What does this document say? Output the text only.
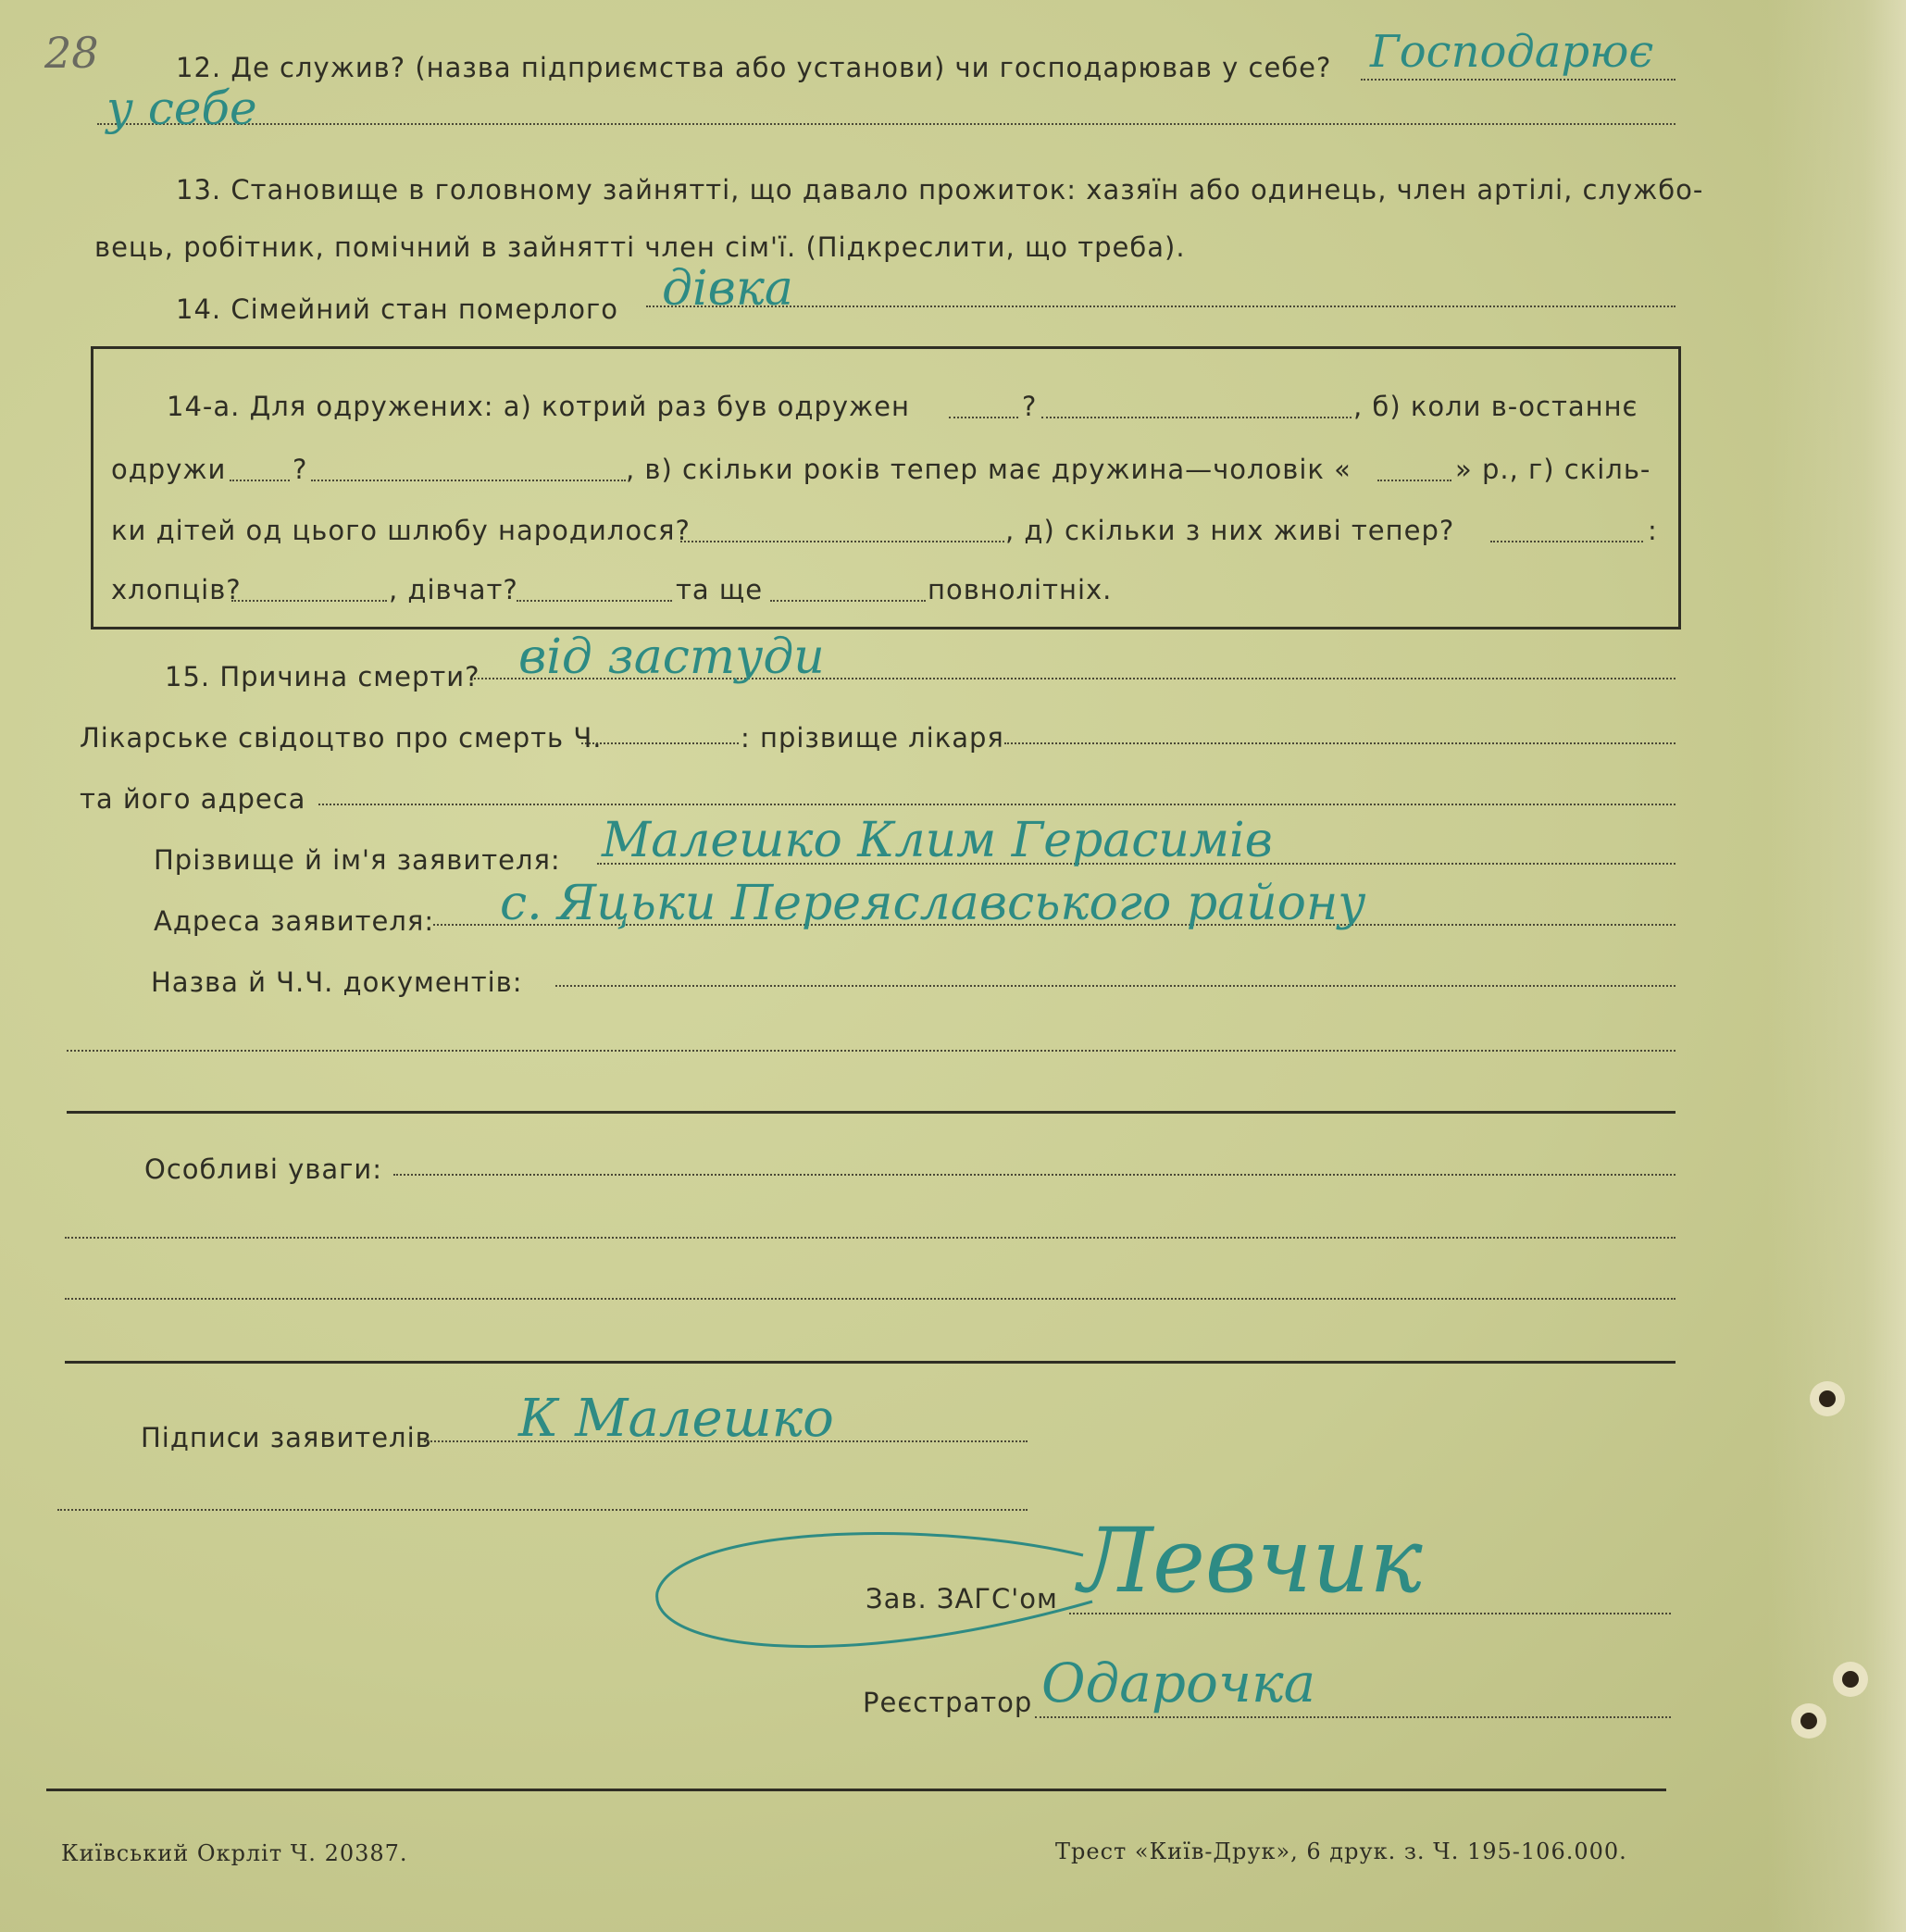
28	12. Де служив? (назва підприємства або установи) чи господарював у себе? Господарює
у себе
13. Становище в головному зайнятті, що давало прожиток: хазяїн або одинець, член артілі, службо-
вець, робітник, помічний в зайнятті член сім'ї. (Підкреслити, що треба).
14. Сімейний стан померлого дівка
14-а. Для одружених: а) котрий раз був одружен	?	, б) коли в-останнє
одружи ?	, в) скільки років тепер має дружина—чоловік «	» р., г) скіль-
ки дітей од цього шлюбу народилося?	, д) скільки з них живі тепер?	:
хлопців?	, дівчат?	та ще	повнолітніх.
15. Причина смерти? від застуди
Лікарське свідоцтво про смерть Ч.	: прізвище лікаря
та його адреса
Прізвище й ім'я заявителя: Малешко Клим Герасимів
Адреса заявителя: с. Яцьки Переяславського району
Назва й Ч.Ч. документів:
Особливі уваги:
Підписи заявителів К Малешко
Зав. ЗАГС'ом Левчик
Реєстратор Одарочка
Київський Окрліт Ч. 20387.	Трест «Київ-Друк», 6 друк. з. Ч. 195-106.000.
